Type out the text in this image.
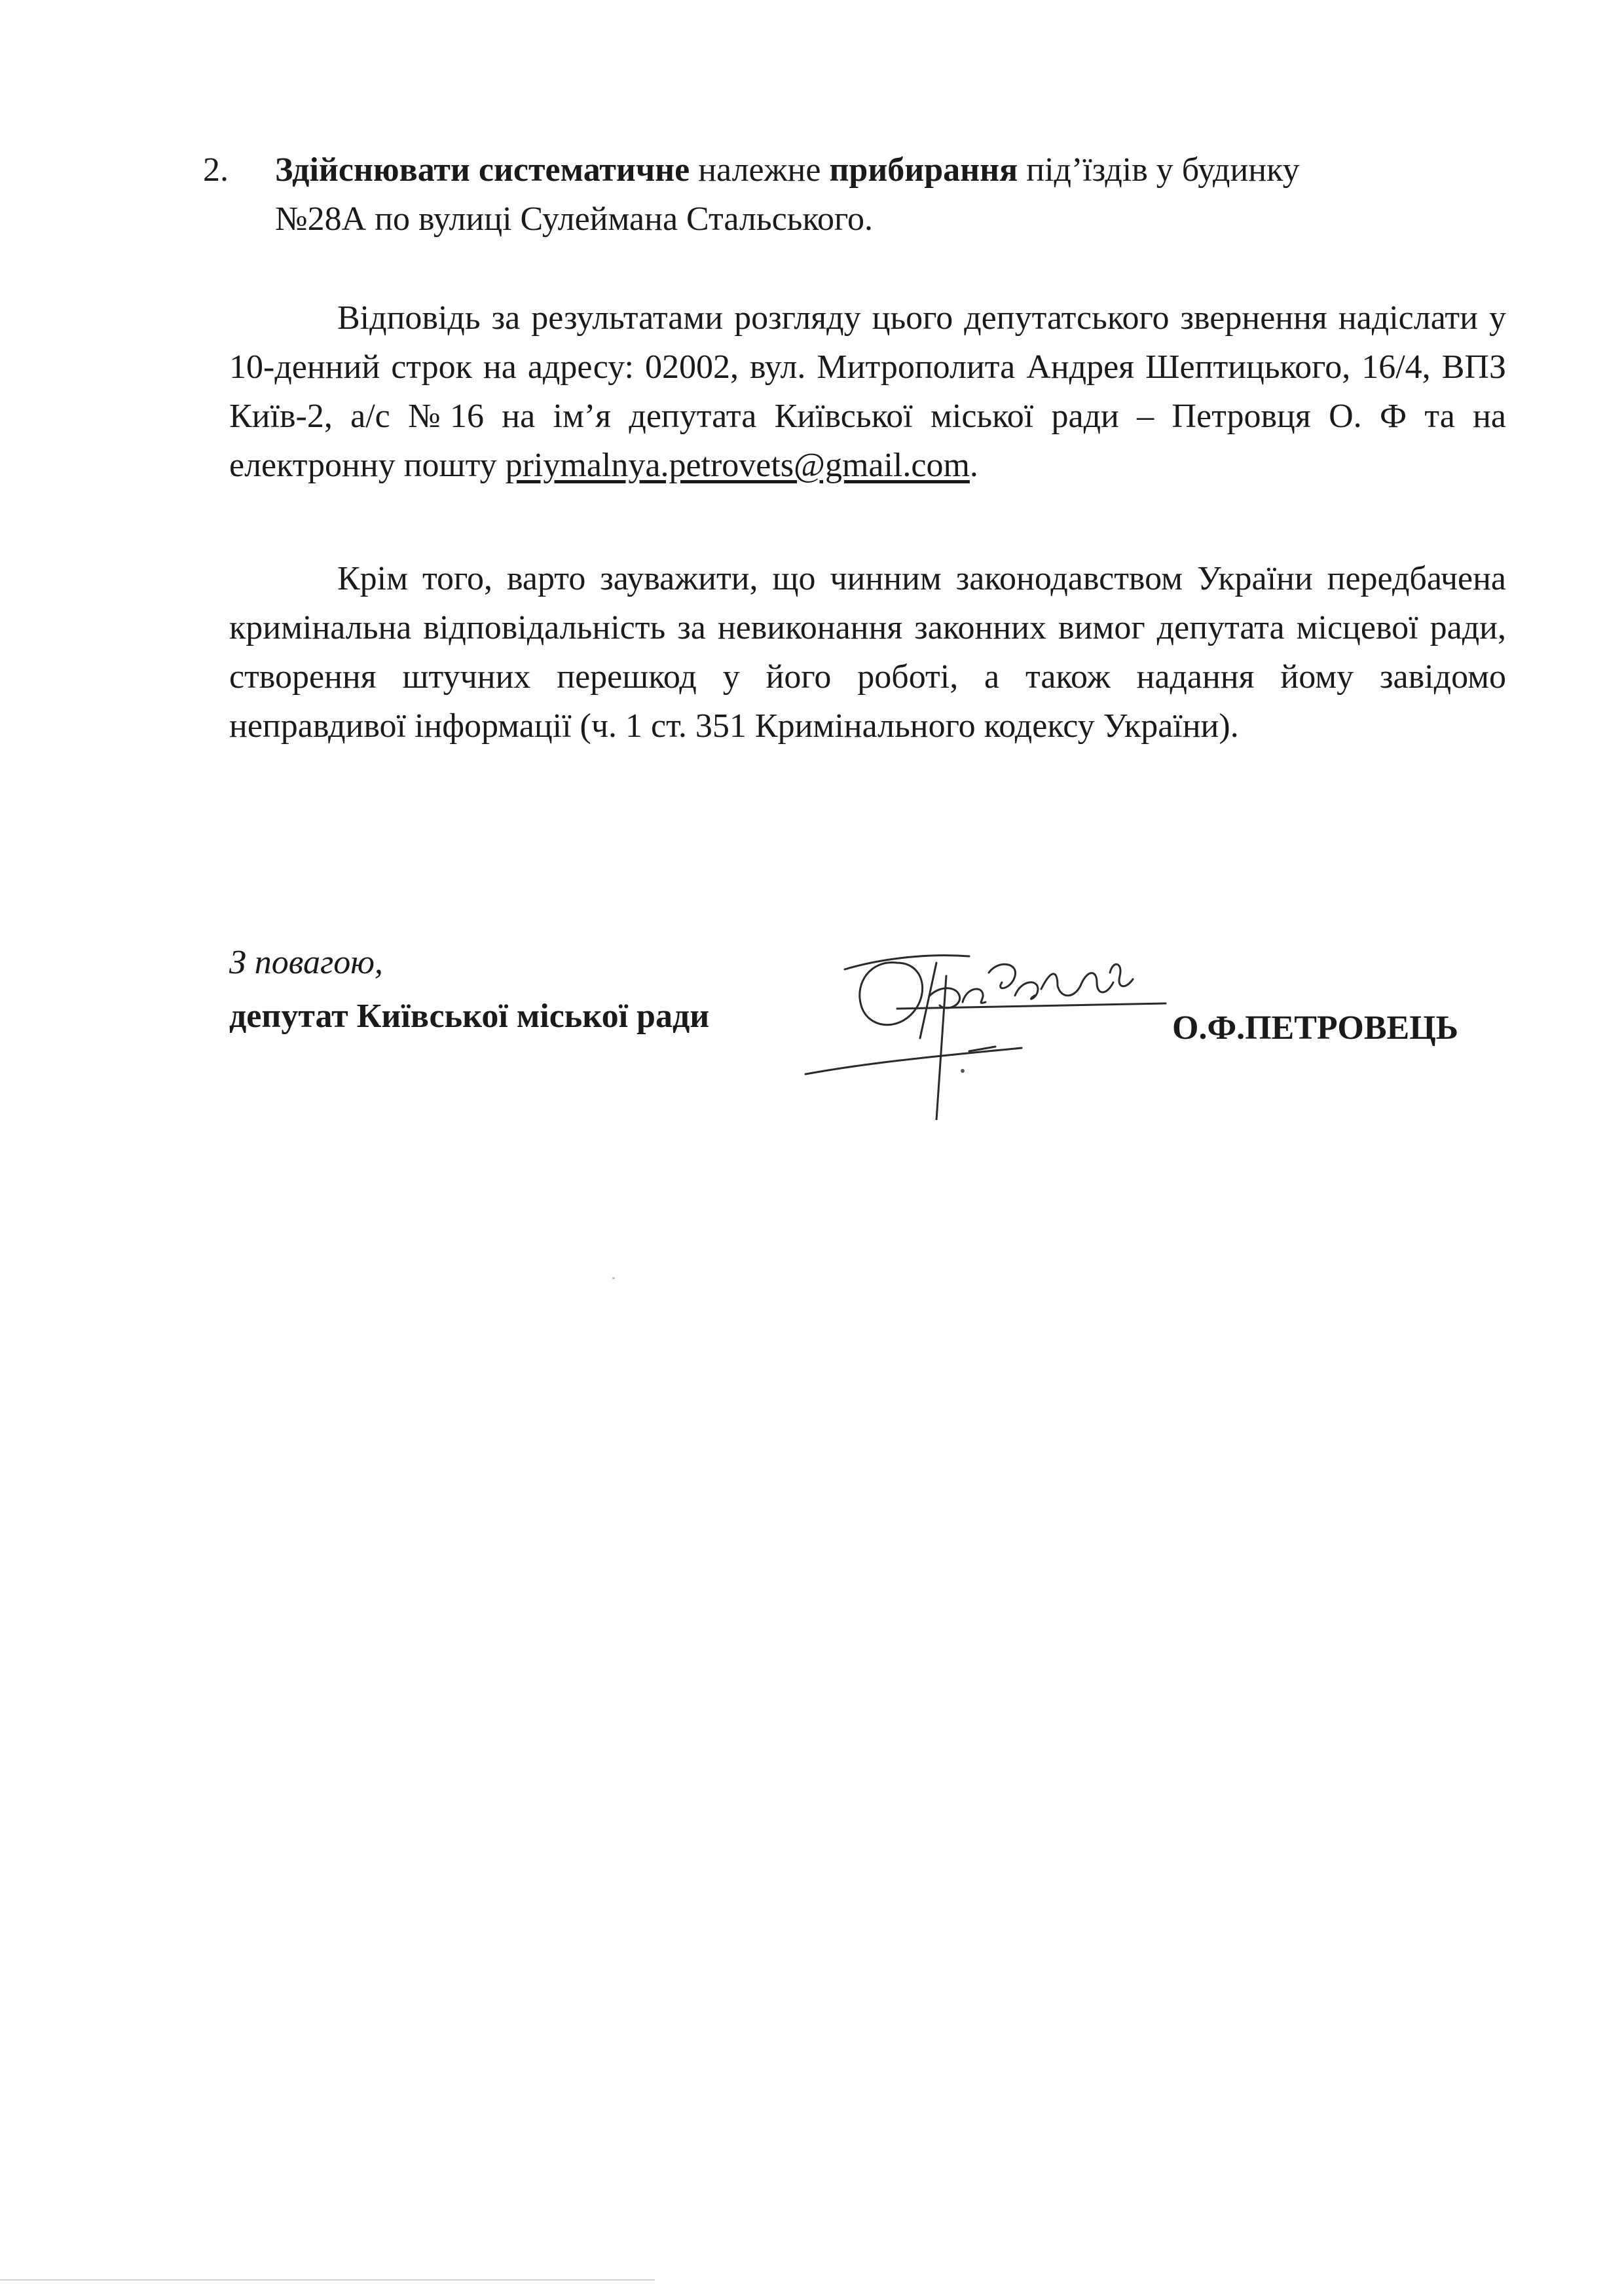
2. Здійснювати систематичне належне прибирання під’їздів у будинку
№28А по вулиці Сулеймана Стальського.
Відповідь за результатами розгляду цього депутатського звернення надіслати у 10-денний строк на адресу: 02002, вул. Митрополита Андрея Шептицького, 16/4, ВПЗ Київ-2, а/с №16 на ім’я депутата Київської міської ради – Петровця О. Ф та на електронну пошту priymalnya.petrovets@gmail.com.
Крім того, варто зауважити, що чинним законодавством України передбачена кримінальна відповідальність за невиконання законних вимог депутата місцевої ради, створення штучних перешкод у його роботі, а також надання йому завідомо неправдивої інформації (ч. 1 ст. 351 Кримінального кодексу України).
З повагою,
депутат Київської міської ради	О.Ф.ПЕТРОВЕЦЬ
